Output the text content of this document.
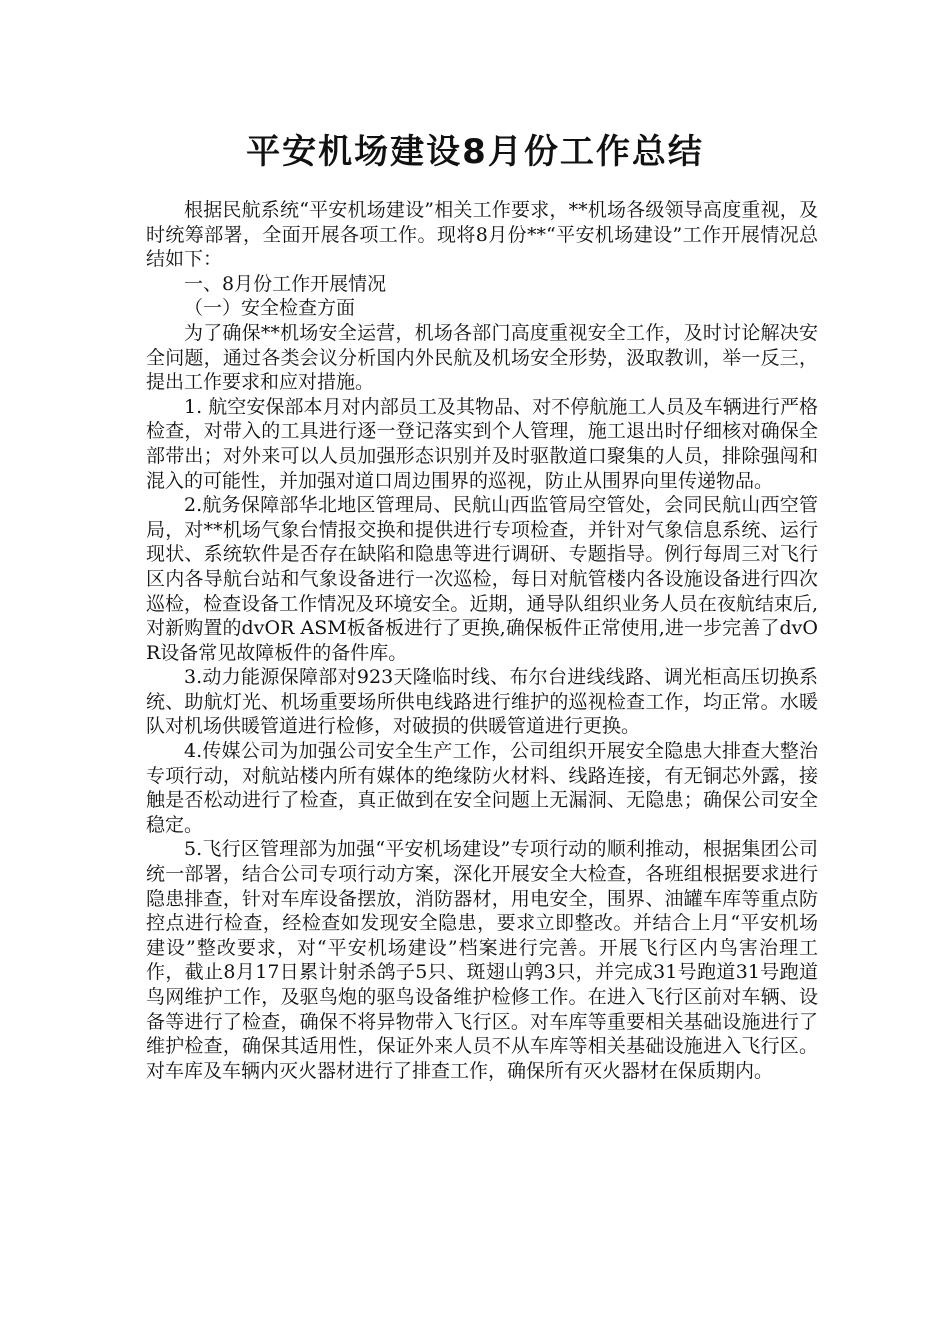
平安机场建设8月份工作总结

根据民航系统“平安机场建设”相关工作要求，**机场各级领导高度重视，及时统筹部署，全面开展各项工作。现将8月份**“平安机场建设”工作开展情况总结如下：

一、8月份工作开展情况

（一）安全检查方面

为了确保**机场安全运营，机场各部门高度重视安全工作，及时讨论解决安全问题，通过各类会议分析国内外民航及机场安全形势，汲取教训，举一反三，提出工作要求和应对措施。

1. 航空安保部本月对内部员工及其物品、对不停航施工人员及车辆进行严格检查，对带入的工具进行逐一登记落实到个人管理，施工退出时仔细核对确保全部带出；对外来可以人员加强形态识别并及时驱散道口聚集的人员，排除强闯和混入的可能性，并加强对道口周边围界的巡视，防止从围界向里传递物品。

2.航务保障部华北地区管理局、民航山西监管局空管处，会同民航山西空管局，对**机场气象台情报交换和提供进行专项检查，并针对气象信息系统、运行现状、系统软件是否存在缺陷和隐患等进行调研、专题指导。例行每周三对飞行区内各导航台站和气象设备进行一次巡检，每日对航管楼内各设施设备进行四次巡检，检查设备工作情况及环境安全。近期，通导队组织业务人员在夜航结束后,对新购置的dvOR ASM板备板进行了更换,确保板件正常使用,进一步完善了dvOR设备常见故障板件的备件库。

3.动力能源保障部对923天隆临时线、布尔台进线线路、调光柜高压切换系统、助航灯光、机场重要场所供电线路进行维护的巡视检查工作，均正常。水暖队对机场供暖管道进行检修，对破损的供暖管道进行更换。

4.传媒公司为加强公司安全生产工作，公司组织开展安全隐患大排查大整治专项行动，对航站楼内所有媒体的绝缘防火材料、线路连接，有无铜芯外露，接触是否松动进行了检查，真正做到在安全问题上无漏洞、无隐患；确保公司安全稳定。

5.飞行区管理部为加强“平安机场建设”专项行动的顺利推动，根据集团公司统一部署，结合公司专项行动方案，深化开展安全大检查，各班组根据要求进行隐患排查，针对车库设备摆放，消防器材，用电安全，围界、油罐车库等重点防控点进行检查，经检查如发现安全隐患，要求立即整改。并结合上月“平安机场建设”整改要求，对“平安机场建设”档案进行完善。开展飞行区内鸟害治理工作，截止8月17日累计射杀鸽子5只、斑翅山鹑3只，并完成31号跑道31号跑道鸟网维护工作，及驱鸟炮的驱鸟设备维护检修工作。在进入飞行区前对车辆、设备等进行了检查，确保不将异物带入飞行区。对车库等重要相关基础设施进行了维护检查，确保其适用性，保证外来人员不从车库等相关基础设施进入飞行区。对车库及车辆内灭火器材进行了排查工作，确保所有灭火器材在保质期内。
